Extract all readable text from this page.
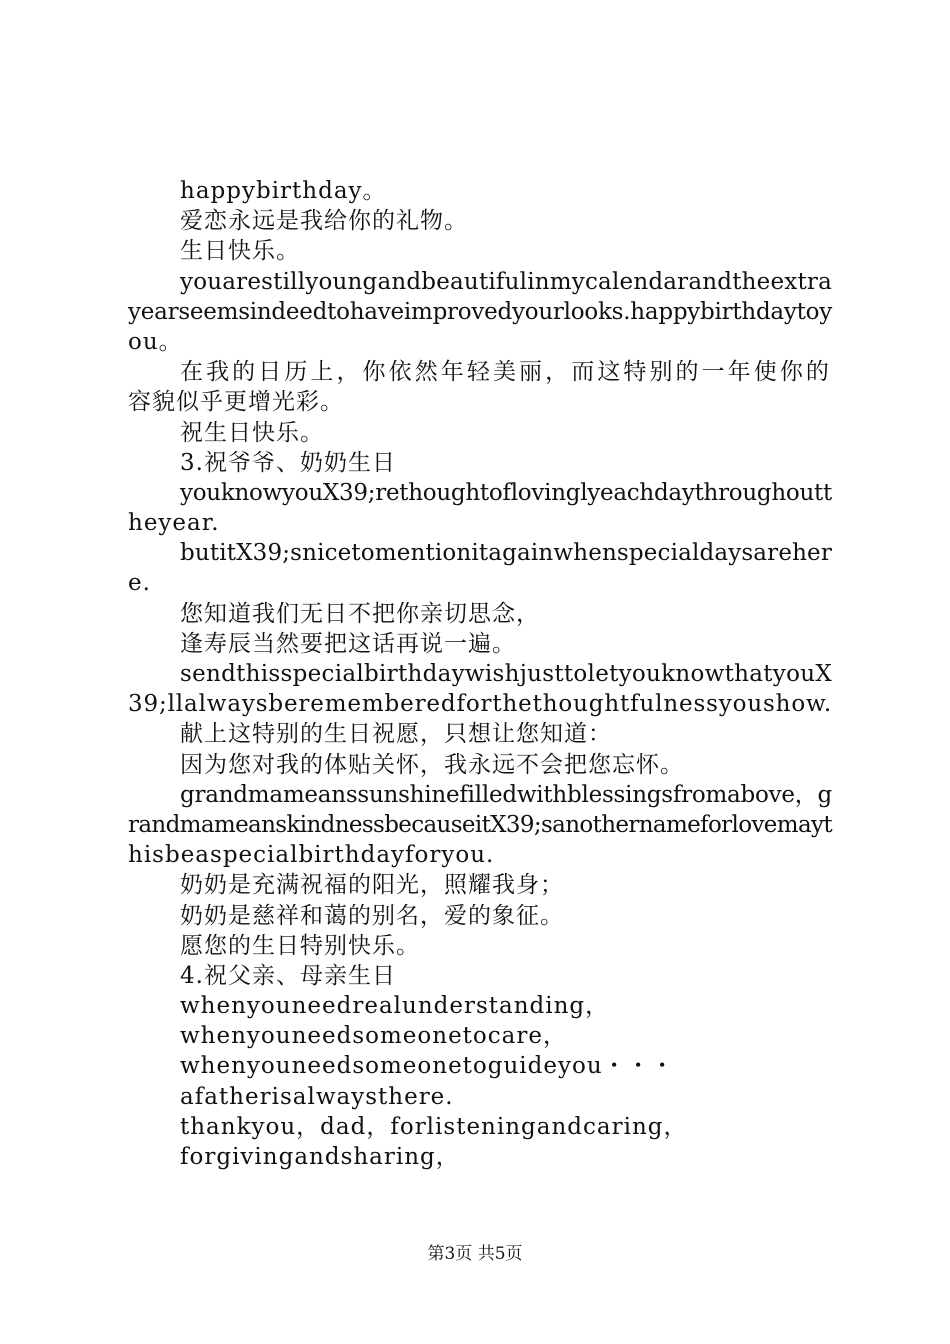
happybirthday。
爱恋永远是我给你的礼物。
生日快乐。
youarestillyoungandbeautifulinmycalendarandtheextra
yearseemsindeedtohaveimprovedyourlooks.happybirthdaytoy
ou。
在我的日历上，你依然年轻美丽，而这特别的一年使你的
容貌似乎更增光彩。
祝生日快乐。
3.祝爷爷、奶奶生日
youknowyouX39;rethoughtoflovinglyeachdaythroughoutt
heyear.
butitX39;snicetomentionitagainwhenspecialdaysareher
e.
您知道我们无日不把你亲切思念，
逢寿辰当然要把这话再说一遍。
sendthisspecialbirthdaywishjusttoletyouknowthatyouX
39;llalwaysberememberedforthethoughtfulnessyoushow.
献上这特别的生日祝愿，只想让您知道：
因为您对我的体贴关怀，我永远不会把您忘怀。
grandmameanssunshinefilledwithblessingsfromabove，g
randmameanskindnessbecauseitX39;sanothernameforlovemayt
hisbeaspecialbirthdayforyou.
奶奶是充满祝福的阳光，照耀我身；
奶奶是慈祥和蔼的别名，爱的象征。
愿您的生日特别快乐。
4.祝父亲、母亲生日
whenyouneedrealunderstanding，
whenyouneedsomeonetocare，
whenyouneedsomeonetoguideyou・・・
afatherisalwaysthere.
thankyou，dad，forlisteningandcaring，
forgivingandsharing，
第3页 共5页
